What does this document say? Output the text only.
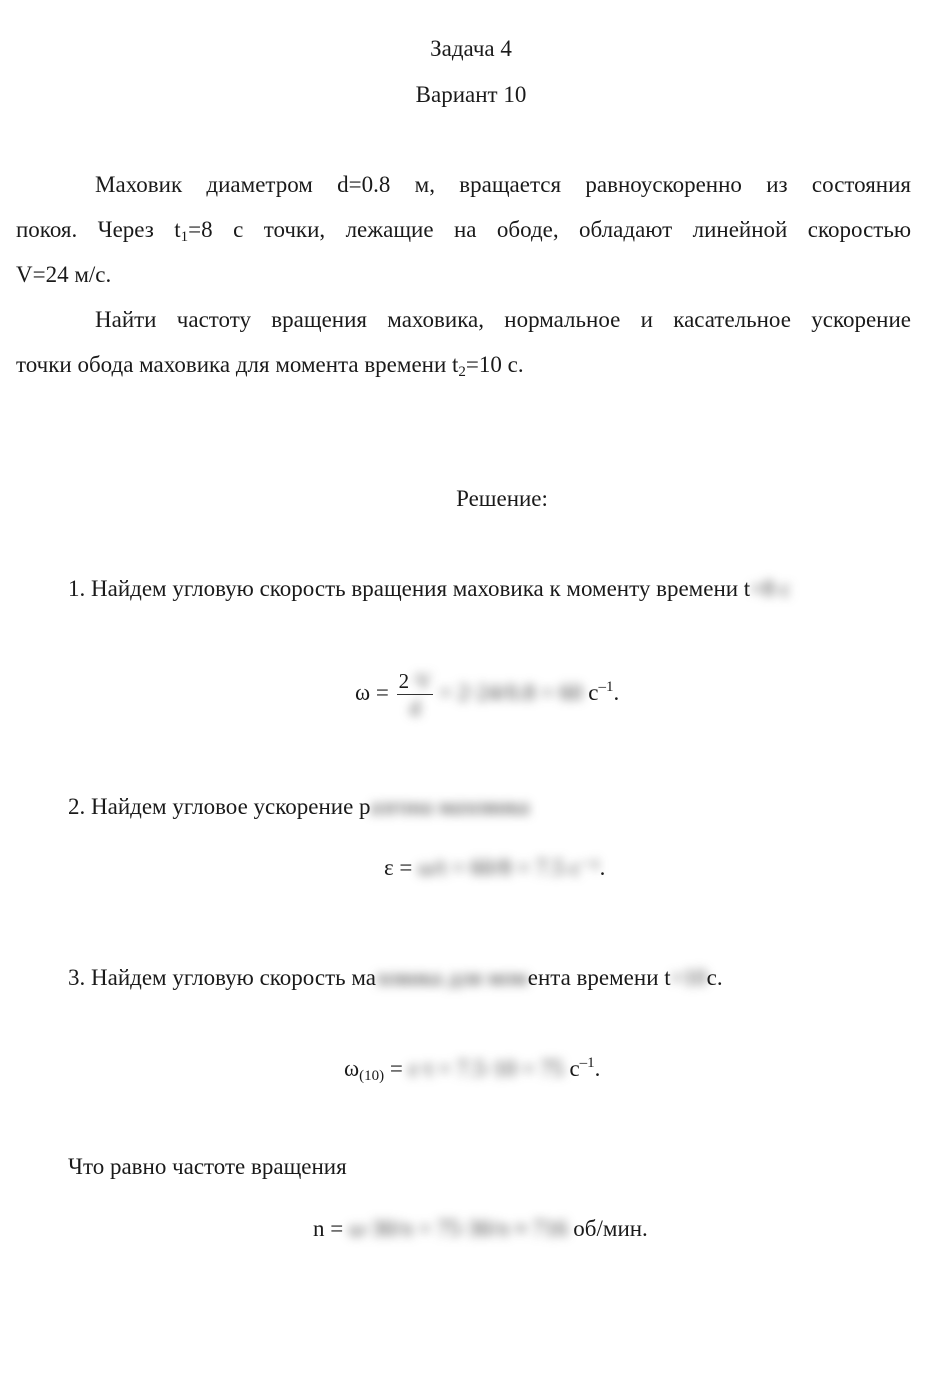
Задача 4
Вариант 10
Маховик диаметром d=0.8 м, вращается равноускоренно из состояния
покоя. Через $t_1=8$ с точки, лежащие на ободе, обладают линейной скоростью
V=24 м/с.
Найти частоту вращения маховика, нормальное и касательное ускорение
точки обода маховика для момента времени $t_2=10$ с.
Решение:
1. Найдем угловую скорость вращения маховика к моменту времени t=8 с
$\omega = \frac{2\cdot V}{d} = 2\cdot 24/0.8 = 60$ $с^{-1}$.
2. Найдем угловое ускорение разгона маховика
ε = ω/t = 60/8 = 7.5 с⁻¹.
3. Найдем угловую скорость маховика для момента времени t=10с.
$\omega_{(10)} = \varepsilon\cdot t = 7.5\cdot 10 = 75$ $с^{-1}$.
Что равно частоте вращения
n = ω·30/π = 75·30/π ≈ 716 об/мин.
